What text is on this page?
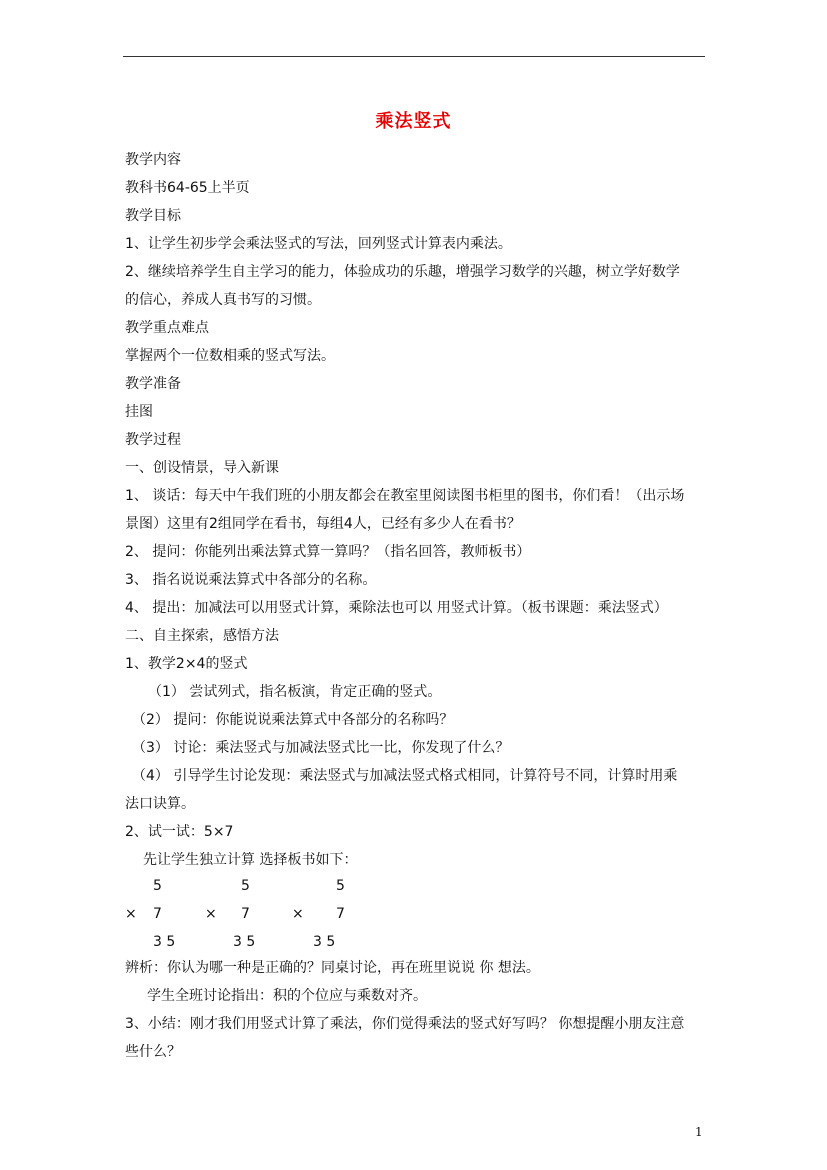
乘法竖式
教学内容
教科书64-65上半页
教学目标
1、让学生初步学会乘法竖式的写法，回列竖式计算表内乘法。
2、继续培养学生自主学习的能力，体验成功的乐趣，增强学习数学的兴趣，树立学好数学
的信心，养成人真书写的习惯。
教学重点难点
掌握两个一位数相乘的竖式写法。
教学准备
挂图
教学过程
一、创设情景，导入新课
1、 谈话：每天中午我们班的小朋友都会在教室里阅读图书柜里的图书，你们看！（出示场
景图）这里有2组同学在看书，每组4人，已经有多少人在看书？
2、 提问：你能列出乘法算式算一算吗？（指名回答，教师板书）
3、 指名说说乘法算式中各部分的名称。
4、 提出：加减法可以用竖式计算，乘除法也可以 用竖式计算。（板书课题：乘法竖式）
二、自主探索，感悟方法
1、教学2×4的竖式
（1） 尝试列式，指名板演，肯定正确的竖式。
（2） 提问：你能说说乘法算式中各部分的名称吗？
（3） 讨论：乘法竖式与加减法竖式比一比，你发现了什么？
（4） 引导学生讨论发现：乘法竖式与加减法竖式格式相同，计算符号不同，计算时用乘
法口诀算。
2、试一试：5×7
先让学生独立计算 选择板书如下：
5
× 7
3 5
5
× 7
3 5
5
× 7
3 5
辨析：你认为哪一种是正确的？同桌讨论，再在班里说说 你 想法。
学生全班讨论指出：积的个位应与乘数对齐。
3、小结：刚才我们用竖式计算了乘法，你们觉得乘法的竖式好写吗？ 你想提醒小朋友注意
些什么？
1
